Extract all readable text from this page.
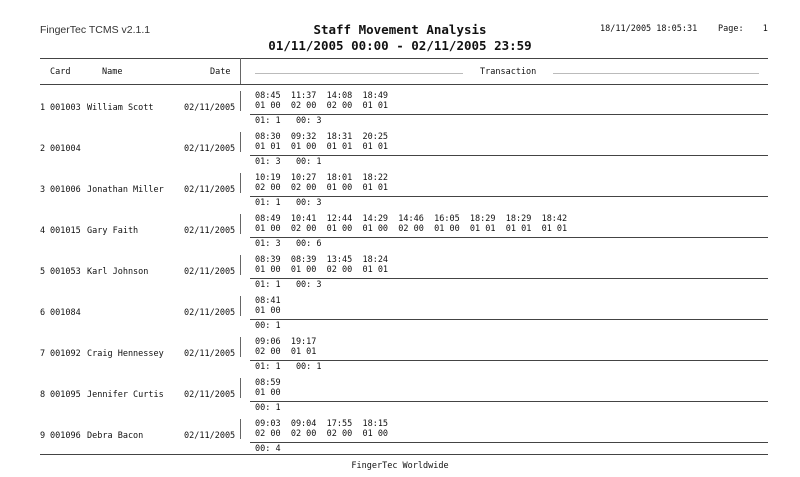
FingerTec TCMS v2.1.1	Staff Movement Analysis
01/11/2005 00:00 - 02/11/2005 23:59
18/11/2005 18:05:31 Page: 1
Card	Name	Date	Transaction
1 001003 William Scott	02/11/2005
08:45  11:37  14:08  18:49
01 00  02 00  02 00  01 01
01: 1   00: 3
2 001004	02/11/2005
08:30  09:32  18:31  20:25
01 01  01 00  01 01  01 01
01: 3   00: 1
3 001006 Jonathan Miller 02/11/2005
10:19  10:27  18:01  18:22
02 00  02 00  01 00  01 01
01: 1   00: 3
4 001015 Gary Faith	02/11/2005
08:49  10:41  12:44  14:29  14:46  16:05  18:29  18:29  18:42
01 00  02 00  01 00  01 00  02 00  01 00  01 01  01 01  01 01
01: 3   00: 6
5 001053 Karl Johnson	02/11/2005
08:39  08:39  13:45  18:24
01 00  01 00  02 00  01 01
01: 1   00: 3
6 001084	02/11/2005
08:41
01 00
00: 1
7 001092 Craig Hennessey 02/11/2005
09:06  19:17
02 00  01 01
01: 1   00: 1
8 001095 Jennifer Curtis 02/11/2005
08:59
01 00
00: 1
9 001096 Debra Bacon	02/11/2005
09:03  09:04  17:55  18:15
02 00  02 00  02 00  01 00
00: 4
FingerTec Worldwide
